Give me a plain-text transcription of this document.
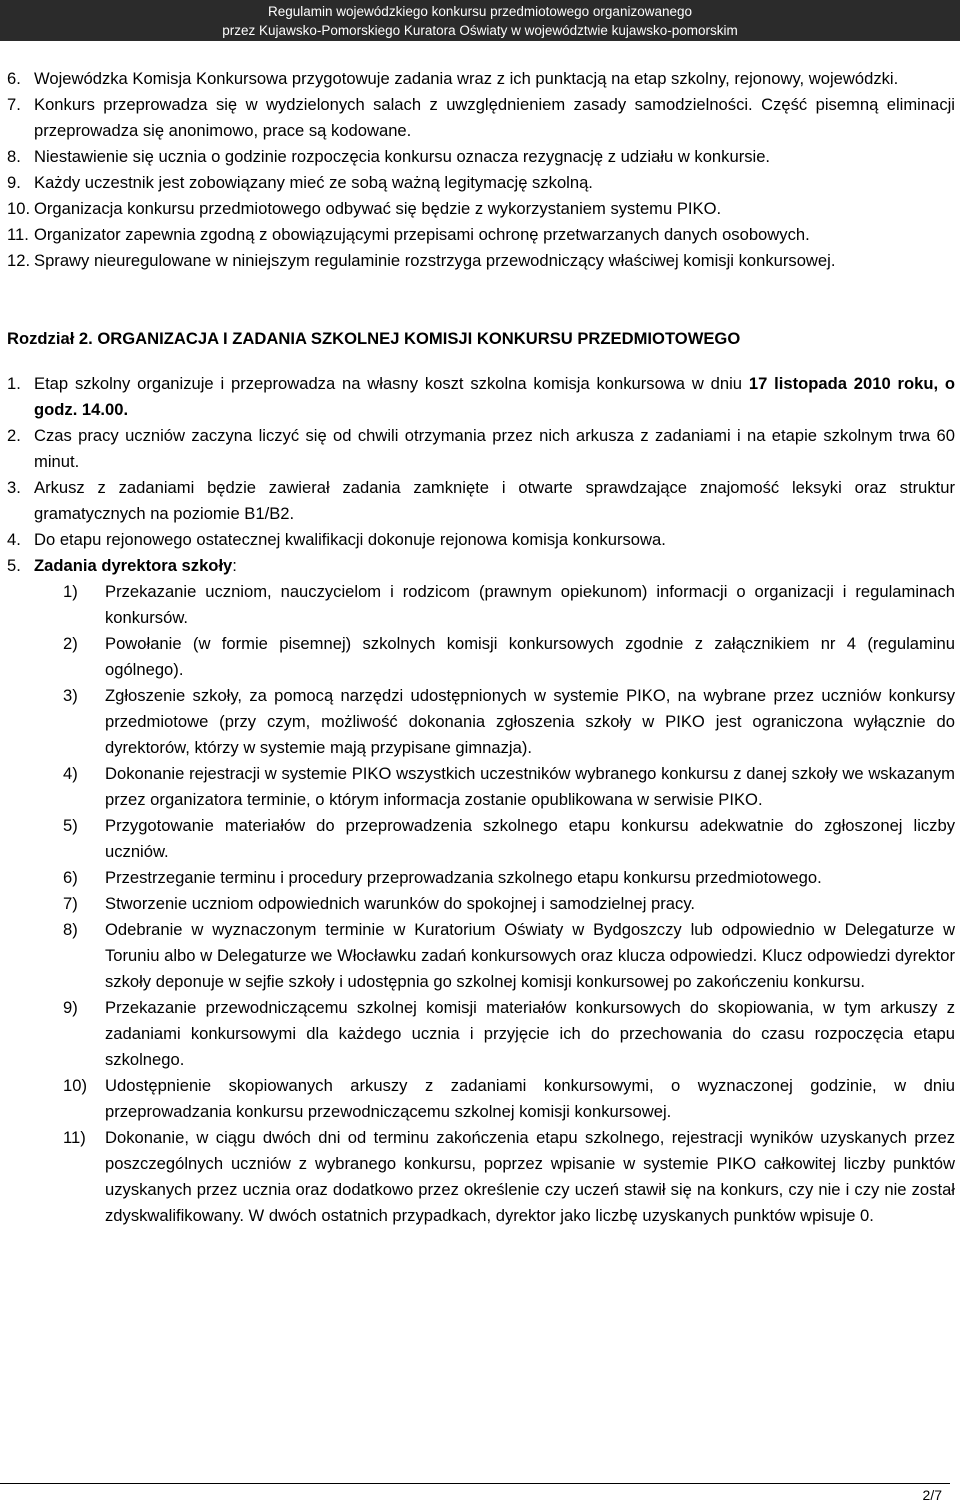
Regulamin wojewódzkiego konkursu przedmiotowego organizowanego
przez Kujawsko-Pomorskiego Kuratora Oświaty w województwie kujawsko-pomorskim
6. Wojewódzka Komisja Konkursowa przygotowuje zadania wraz z ich punktacją na etap szkolny, rejonowy, wojewódzki.
7. Konkurs przeprowadza się w wydzielonych salach z uwzględnieniem zasady samodzielności. Część pisemną eliminacji przeprowadza się anonimowo, prace są kodowane.
8. Niestawienie się ucznia o godzinie rozpoczęcia konkursu oznacza rezygnację z udziału w konkursie.
9. Każdy uczestnik jest zobowiązany mieć ze sobą ważną legitymację szkolną.
10. Organizacja konkursu przedmiotowego odbywać się będzie z wykorzystaniem systemu PIKO.
11. Organizator zapewnia zgodną z obowiązującymi przepisami ochronę przetwarzanych danych osobowych.
12. Sprawy nieuregulowane w niniejszym regulaminie rozstrzyga przewodniczący właściwej komisji konkursowej.
Rozdział 2. ORGANIZACJA I ZADANIA SZKOLNEJ KOMISJI KONKURSU PRZEDMIOTOWEGO
1. Etap szkolny organizuje i przeprowadza na własny koszt szkolna komisja konkursowa w dniu 17 listopada 2010 roku, o godz. 14.00.
2. Czas pracy uczniów zaczyna liczyć się od chwili otrzymania przez nich arkusza z zadaniami i na etapie szkolnym trwa 60 minut.
3. Arkusz z zadaniami będzie zawierał zadania zamknięte i otwarte sprawdzające znajomość leksyki oraz struktur gramatycznych na poziomie B1/B2.
4. Do etapu rejonowego ostatecznej kwalifikacji dokonuje rejonowa komisja konkursowa.
5. Zadania dyrektora szkoły:
1)	Przekazanie uczniom, nauczycielom i rodzicom (prawnym opiekunom) informacji o organizacji i regulaminach konkursów.
2)	Powołanie (w formie pisemnej) szkolnych komisji konkursowych zgodnie z załącznikiem nr 4 (regulaminu ogólnego).
3)	Zgłoszenie szkoły, za pomocą narzędzi udostępnionych w systemie PIKO, na wybrane przez uczniów konkursy przedmiotowe (przy czym, możliwość dokonania zgłoszenia szkoły w PIKO jest ograniczona wyłącznie do dyrektorów, którzy w systemie mają przypisane gimnazja).
4)	Dokonanie rejestracji w systemie PIKO wszystkich uczestników wybranego konkursu z danej szkoły we wskazanym przez organizatora terminie, o którym informacja zostanie opublikowana w serwisie PIKO.
5)	Przygotowanie materiałów do przeprowadzenia szkolnego etapu konkursu adekwatnie do zgłoszonej liczby uczniów.
6)	Przestrzeganie terminu i procedury przeprowadzania szkolnego etapu konkursu przedmiotowego.
7)	Stworzenie uczniom odpowiednich warunków do spokojnej i samodzielnej pracy.
8)	Odebranie w wyznaczonym terminie w Kuratorium Oświaty w Bydgoszczy lub odpowiednio w Delegaturze w Toruniu albo w Delegaturze we Włocławku zadań konkursowych oraz klucza odpowiedzi. Klucz odpowiedzi dyrektor szkoły deponuje w sejfie szkoły i udostępnia go szkolnej komisji konkursowej po zakończeniu konkursu.
9)	Przekazanie przewodniczącemu szkolnej komisji materiałów konkursowych do skopiowania, w tym arkuszy z zadaniami konkursowymi dla każdego ucznia i przyjęcie ich do przechowania do czasu rozpoczęcia etapu szkolnego.
10)	Udostępnienie skopiowanych arkuszy z zadaniami konkursowymi, o wyznaczonej godzinie, w dniu przeprowadzania konkursu przewodniczącemu szkolnej komisji konkursowej.
11)	Dokonanie, w ciągu dwóch dni od terminu zakończenia etapu szkolnego, rejestracji wyników uzyskanych przez poszczególnych uczniów z wybranego konkursu, poprzez wpisanie w systemie PIKO całkowitej liczby punktów uzyskanych przez ucznia oraz dodatkowo przez określenie czy uczeń stawił się na konkurs, czy nie i czy nie został zdyskwalifikowany. W dwóch ostatnich przypadkach, dyrektor jako liczbę uzyskanych punktów wpisuje 0.
2/7
